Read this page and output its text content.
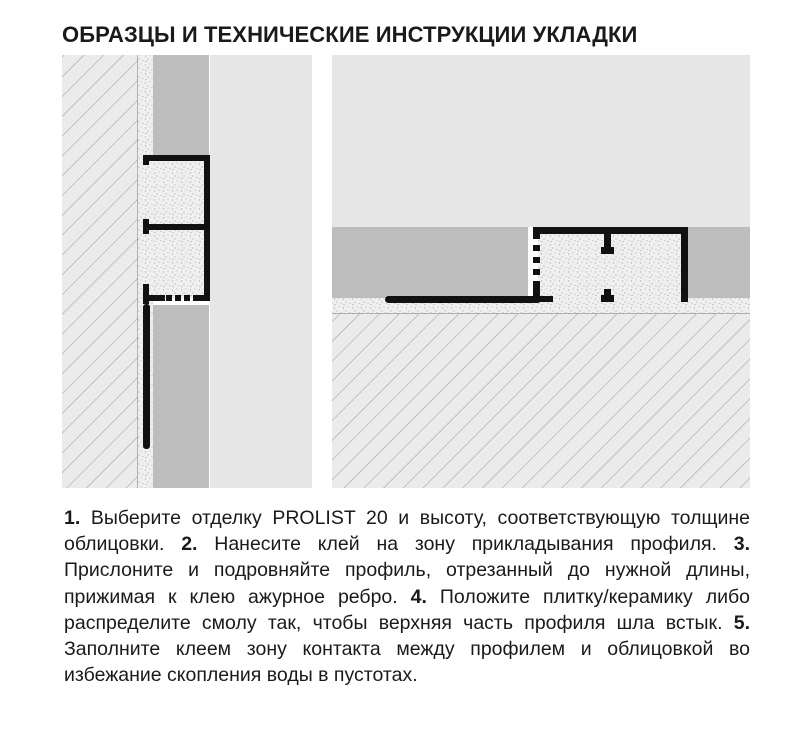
ОБРАЗЦЫ И ТЕХНИЧЕСКИЕ ИНСТРУКЦИИ УКЛАДКИ
1. Выберите отделку PROLIST 20 и высоту, соответствующую толщине облицовки. 2. Нанесите клей на зону прикладывания профиля. 3. Прислоните и подровняйте профиль, отрезанный до нужной длины, прижимая к клею ажурное ребро. 4. Положите плитку/керамику либо распределите смолу так, чтобы верхняя часть профиля шла встык. 5. Заполните клеем зону контакта между профилем и облицовкой во избежание скопления воды в пустотах.
